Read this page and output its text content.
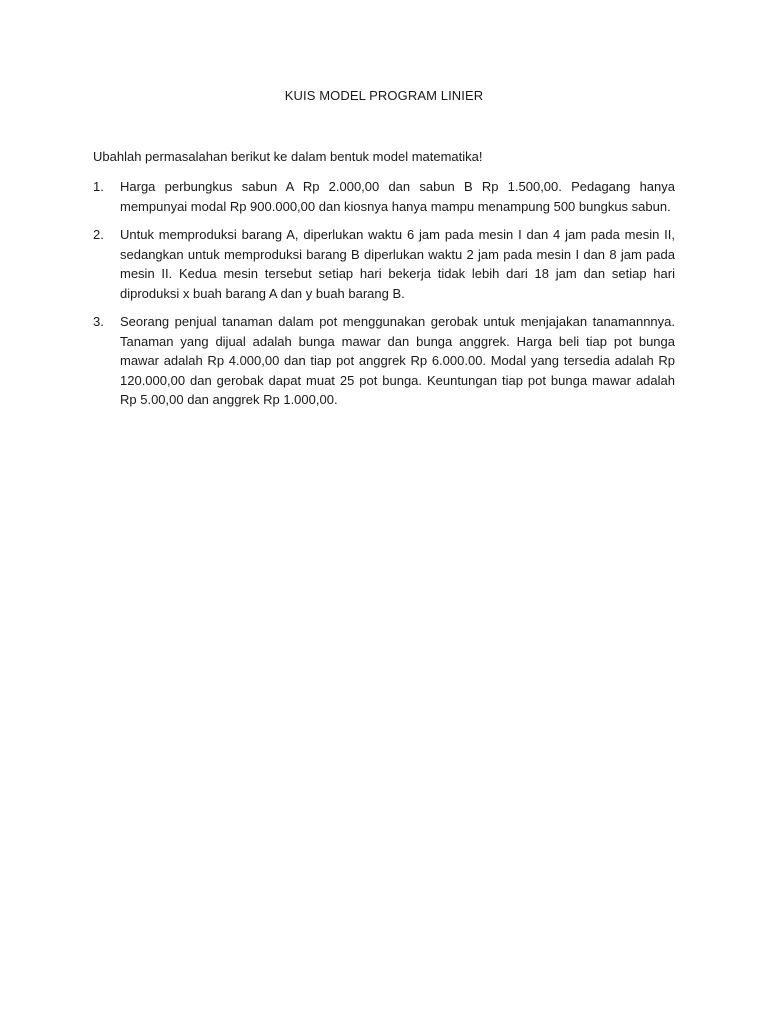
KUIS MODEL PROGRAM LINIER
Ubahlah permasalahan berikut ke dalam bentuk model matematika!
1.	Harga perbungkus sabun A Rp 2.000,00 dan sabun B Rp 1.500,00. Pedagang hanya mempunyai modal Rp 900.000,00 dan kiosnya hanya mampu menampung 500 bungkus sabun.
2.	Untuk memproduksi barang A, diperlukan waktu 6 jam pada mesin I dan 4 jam pada mesin II, sedangkan untuk memproduksi barang B diperlukan waktu 2 jam pada mesin I dan 8 jam pada mesin II. Kedua mesin tersebut setiap hari bekerja tidak lebih dari 18 jam dan setiap hari diproduksi x buah barang A dan y buah barang B.
3.	Seorang penjual tanaman dalam pot menggunakan gerobak untuk menjajakan tanamannnya. Tanaman yang dijual adalah bunga mawar dan bunga anggrek. Harga beli tiap pot bunga mawar adalah Rp 4.000,00 dan tiap pot anggrek Rp 6.000.00. Modal yang tersedia adalah Rp 120.000,00 dan gerobak dapat muat 25 pot bunga. Keuntungan tiap pot bunga mawar adalah Rp 5.00,00 dan anggrek Rp 1.000,00.
